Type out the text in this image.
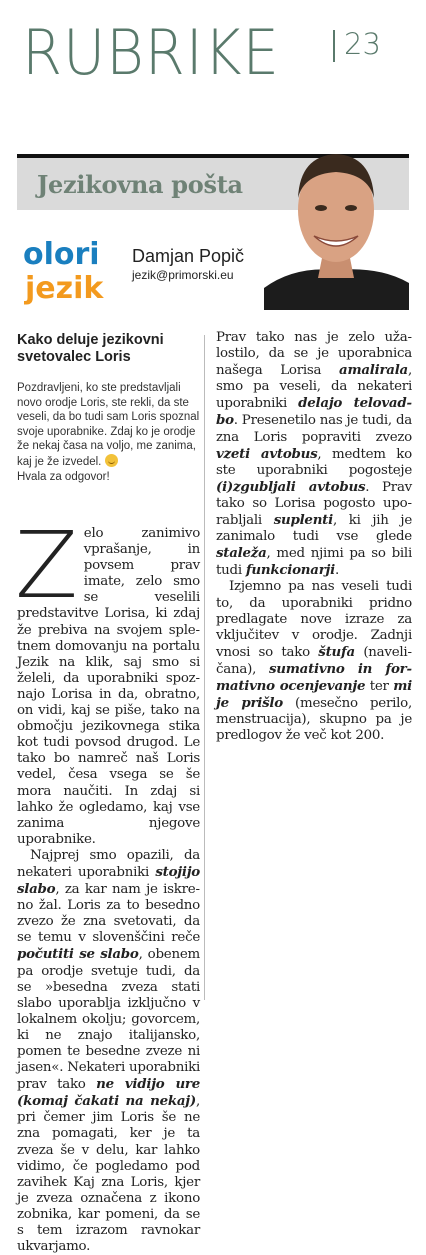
RUBRIKE 23
Jezikovna pošta
olori
jezik
Damjan Popič
jezik@primorski.eu
Kako deluje jezikovni svetovalec Loris
Pozdravljeni, ko ste predstavljali novo orodje Loris, ste rekli, da ste veseli, da bo tudi sam Loris spoznal svoje uporabnike. Zdaj ko je orodje že nekaj časa na voljo, me zanima, kaj je že izvedel.
Hvala za odgovor!

Zelo zanimivo vprašanje, in povsem prav imate, zelo smo se veselili predstavitve Lorisa, ki zdaj že prebiva na svojem spletnem domovanju na portalu Jezik na klik, saj smo si želeli, da uporabniki spoznajo Lorisa in da, obratno, on vidi, kaj se piše, tako na območju jezikovnega stika kot tudi povsod drugod. Le tako bo namreč naš Loris vedel, česa vsega se še mora naučiti. In zdaj si lahko že ogledamo, kaj vse zanima njegove uporabnike.

Najprej smo opazili, da nekateri uporabniki stojijo slabo, za kar nam je iskreno žal. Loris za to besedno zvezo že zna svetovati, da se temu v slovenščini reče počutiti se slabo, obenem pa orodje svetuje tudi, da se »besedna zveza stati slabo uporablja izključno v lokalnem okolju; govorcem, ki ne znajo italijansko, pomen te besedne zveze ni jasen«. Nekateri uporabniki prav tako ne vidijo ure (komaj čakati na nekaj), pri čemer jim Loris še ne zna pomagati, ker je ta zveza še v delu, kar lahko vidimo, če pogledamo pod zavihek Kaj zna Loris, kjer je zveza označena z ikono zobnika, kar pomeni, da se s tem izrazom ravnokar ukvarjamo.

Prav tako nas je zelo užalostilo, da se je uporabnica našega Lorisa amalirala, smo pa veseli, da nekateri uporabniki delajo telovadbo. Presenetilo nas je tudi, da zna Loris popraviti zvezo vzeti avtobus, medtem ko ste uporabniki pogosteje (i)zgubljali avtobus. Prav tako so Lorisa pogosto uporabljali suplenti, ki jih je zanimalo tudi vse glede staleža, med njimi pa so bili tudi funkcionarji.

Izjemno pa nas veseli tudi to, da uporabniki pridno predlagate nove izraze za vključitev v orodje. Zadnji vnosi so tako štufa (naveličana), sumativno in formativno ocenjevanje ter mi je prišlo (mesečno perilo, menstruacija), skupno pa je predlogov že več kot 200.
